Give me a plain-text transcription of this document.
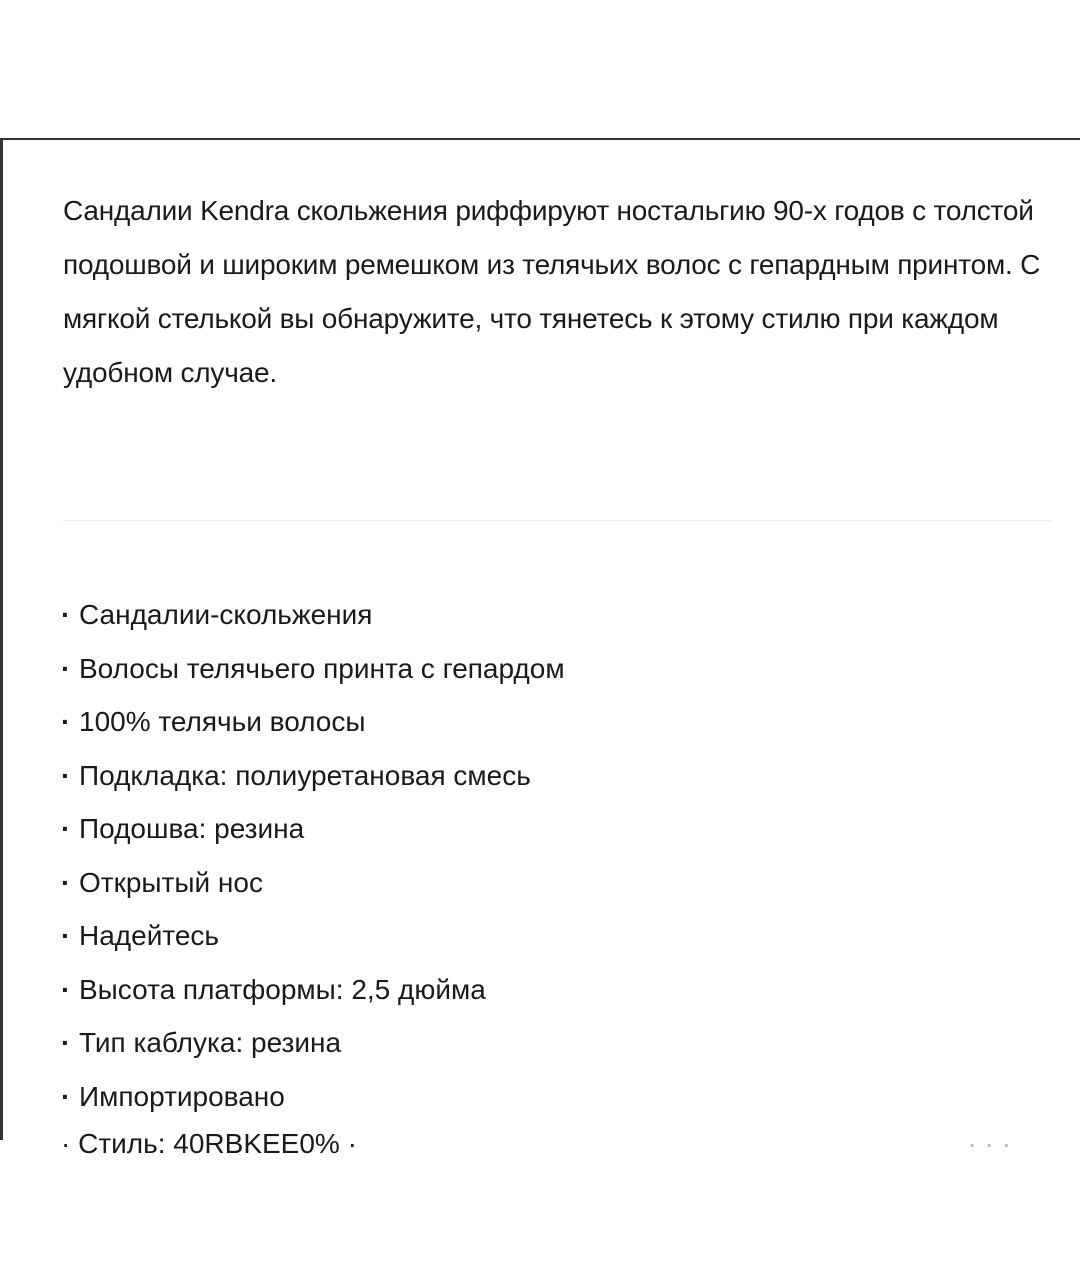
Сандалии Kendra скольжения риффируют ностальгию 90-х годов с толстой подошвой и широким ремешком из телячьих волос с гепардным принтом. С мягкой стелькой вы обнаружите, что тянетесь к этому стилю при каждом удобном случае.

· Сандалии-скольжения
· Волосы телячьего принта с гепардом
· 100% телячьи волосы
· Подкладка: полиуретановая смесь
· Подошва: резина
· Открытый нос
· Надейтесь
· Высота платформы: 2,5 дюйма
· Тип каблука: резина
· Импортировано
· Стиль: 40RBKEE0% ·	· · ·
